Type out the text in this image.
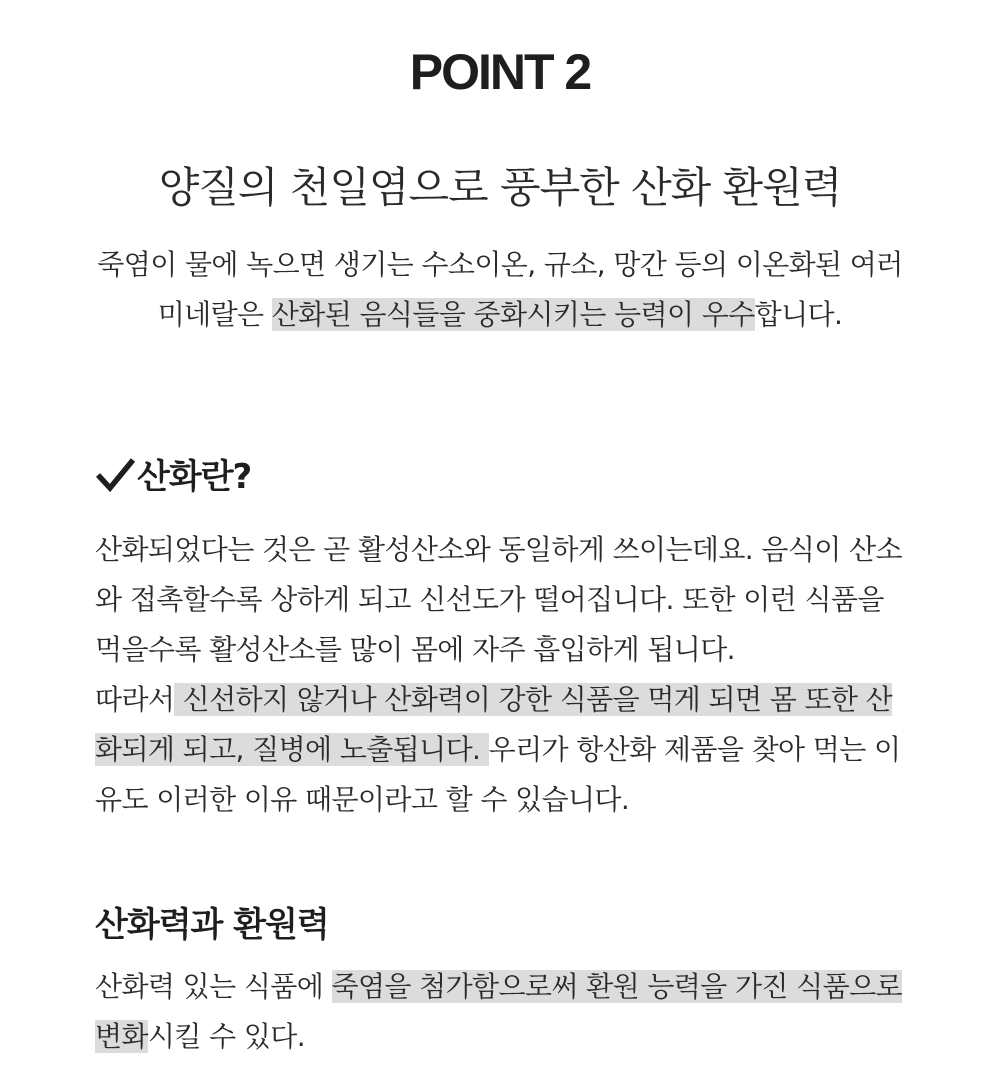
POINT 2
양질의 천일염으로 풍부한 산화 환원력
죽염이 물에 녹으면 생기는 수소이온, 규소, 망간 등의 이온화된 여러
미네랄은 산화된 음식들을 중화시키는 능력이 우수합니다.
산화란?
산화되었다는 것은 곧 활성산소와 동일하게 쓰이는데요. 음식이 산소와 접촉할수록 상하게 되고 신선도가 떨어집니다. 또한 이런 식품을 먹을수록 활성산소를 많이 몸에 자주 흡입하게 됩니다.
따라서 신선하지 않거나 산화력이 강한 식품을 먹게 되면 몸 또한 산화되게 되고, 질병에 노출됩니다. 우리가 항산화 제품을 찾아 먹는 이유도 이러한 이유 때문이라고 할 수 있습니다.
산화력과 환원력
산화력 있는 식품에 죽염을 첨가함으로써 환원 능력을 가진 식품으로 변화시킬 수 있다.
